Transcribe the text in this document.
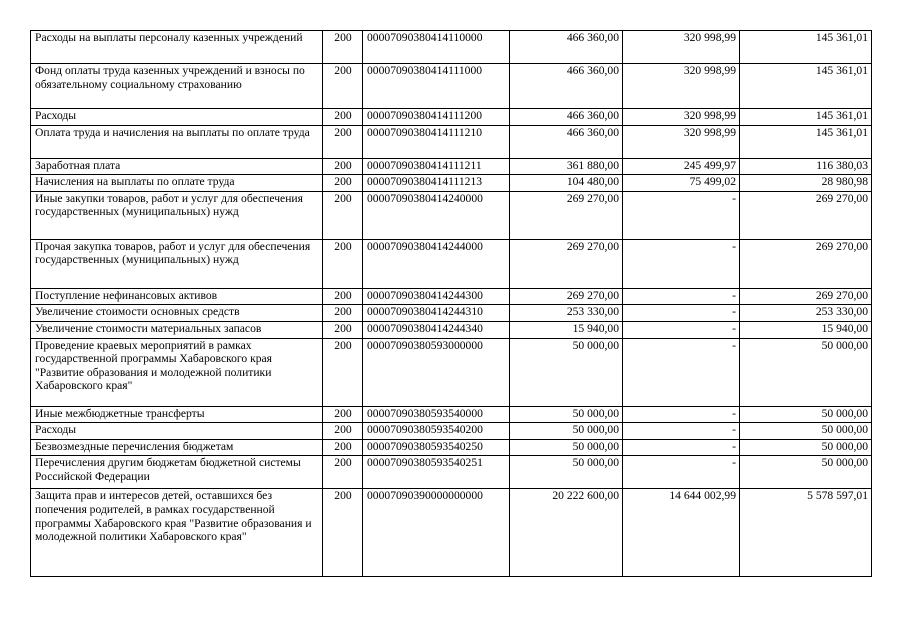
Расходы на выплаты персоналу казенных учреждений	200	00007090380414110000	466 360,00	320 998,99	145 361,01
Фонд оплаты труда казенных учреждений и взносы по обязательному социальному страхованию	200	00007090380414111000	466 360,00	320 998,99	145 361,01
Расходы	200	00007090380414111200	466 360,00	320 998,99	145 361,01
Оплата труда и начисления на выплаты по оплате труда	200	00007090380414111210	466 360,00	320 998,99	145 361,01
Заработная плата	200	00007090380414111211	361 880,00	245 499,97	116 380,03
Начисления на выплаты по оплате труда	200	00007090380414111213	104 480,00	75 499,02	28 980,98
Иные закупки товаров, работ и услуг для обеспечения государственных (муниципальных) нужд	200	00007090380414240000	269 270,00	-	269 270,00
Прочая закупка товаров, работ и услуг для обеспечения государственных (муниципальных) нужд	200	00007090380414244000	269 270,00	-	269 270,00
Поступление нефинансовых активов	200	00007090380414244300	269 270,00	-	269 270,00
Увеличение стоимости основных средств	200	00007090380414244310	253 330,00	-	253 330,00
Увеличение стоимости материальных запасов	200	00007090380414244340	15 940,00	-	15 940,00
Проведение краевых мероприятий в рамках государственной программы Хабаровского края "Развитие образования и молодежной политики Хабаровского края"	200	00007090380593000000	50 000,00	-	50 000,00
Иные межбюджетные трансферты	200	00007090380593540000	50 000,00	-	50 000,00
Расходы	200	00007090380593540200	50 000,00	-	50 000,00
Безвозмездные перечисления бюджетам	200	00007090380593540250	50 000,00	-	50 000,00
Перечисления другим бюджетам бюджетной системы Российской Федерации	200	00007090380593540251	50 000,00	-	50 000,00
Защита прав и интересов детей, оставшихся без попечения родителей, в рамках государственной программы Хабаровского края "Развитие образования и молодежной политики Хабаровского края"	200	00007090390000000000	20 222 600,00	14 644 002,99	5 578 597,01
